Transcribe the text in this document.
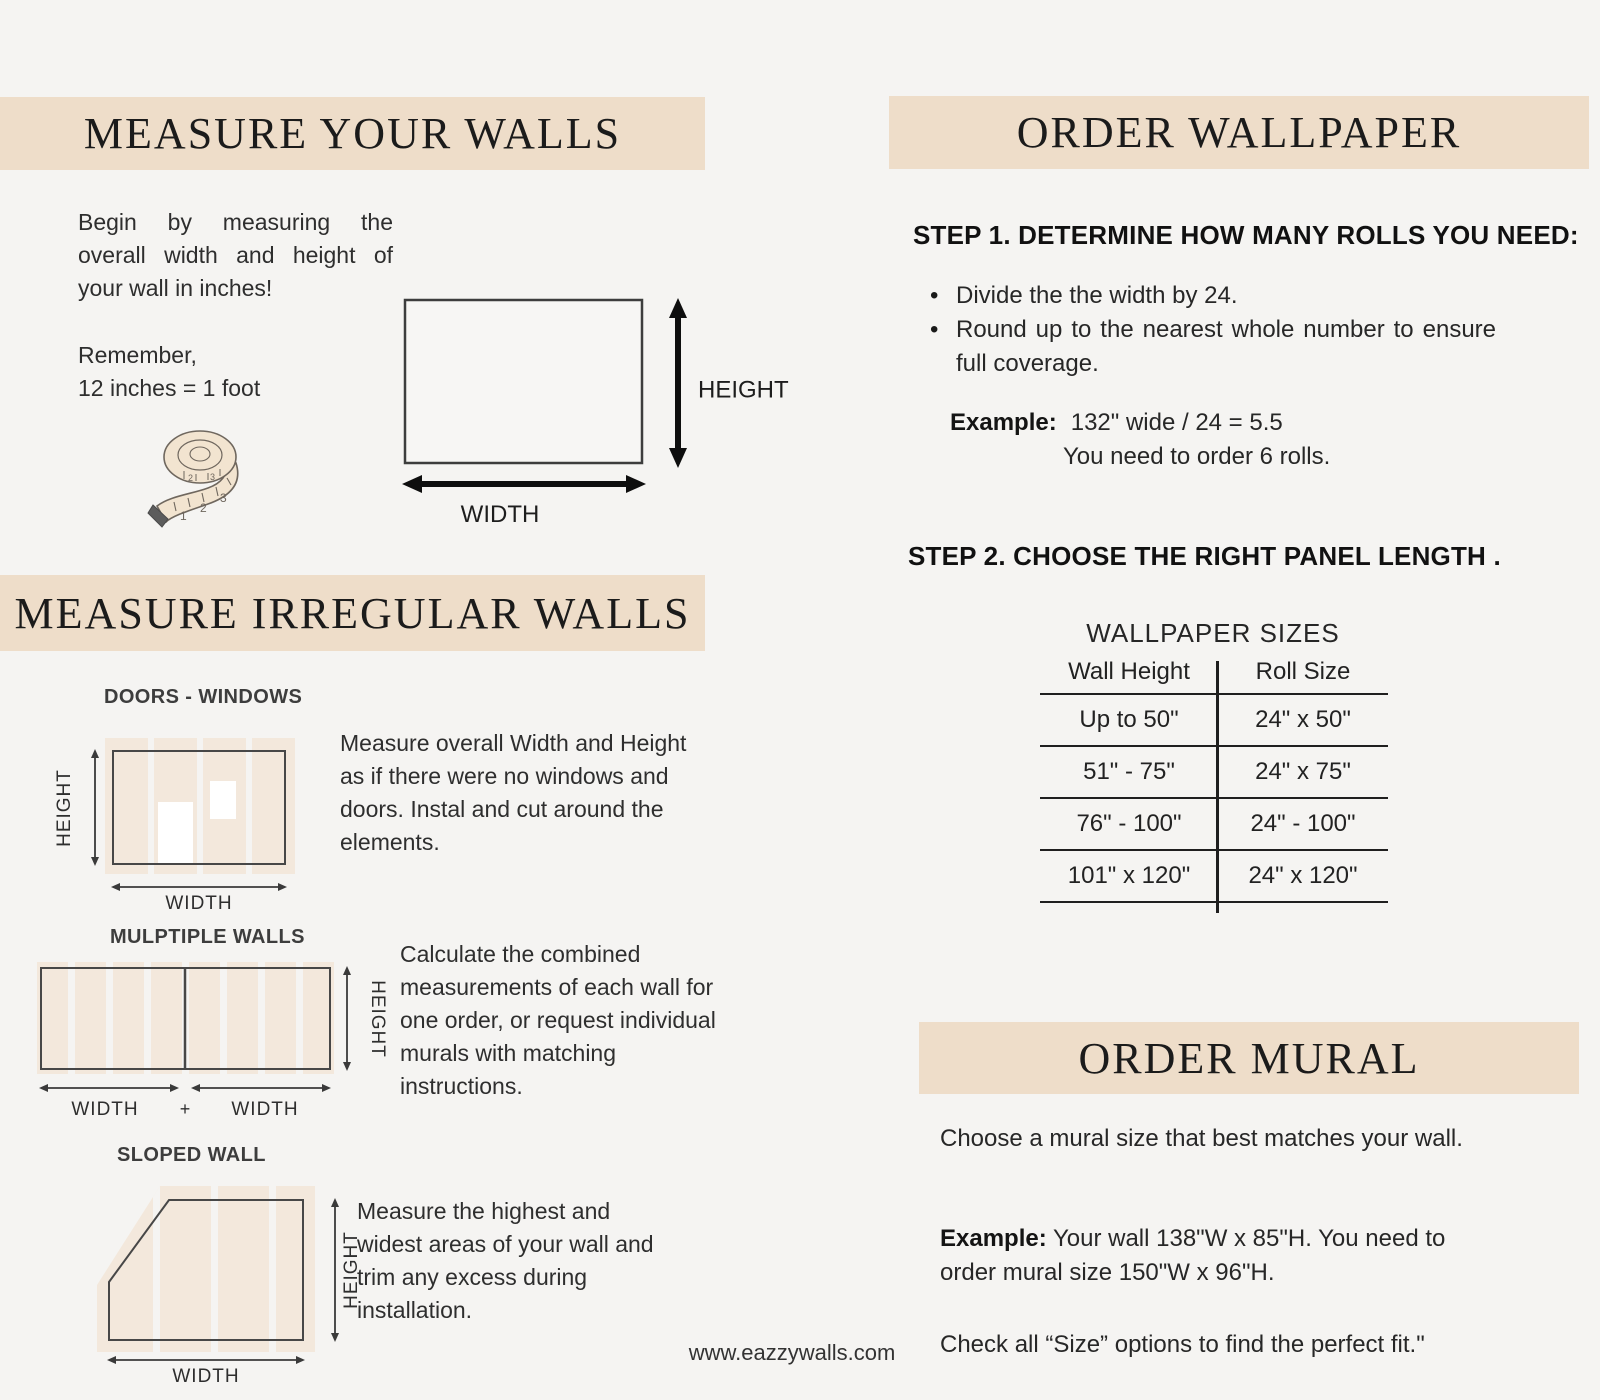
MEASURE YOUR WALLS
Begin by measuring the overall width and height of your wall in inches!
Remember,
12 inches = 1 foot
1
2
3
2 3
HEIGHT
WIDTH
MEASURE IRREGULAR WALLS
DOORS - WINDOWS
HEIGHT
WIDTH
Measure overall Width and Height as if there were no windows and doors. Instal and cut around the elements.
MULPTIPLE WALLS
HEIGHT
WIDTH + WIDTH
Calculate the combined measurements of each wall for one order, or request individual murals with matching instructions.
SLOPED WALL
HEIGHT
WIDTH
Measure the highest and widest areas of your wall and trim any excess during installation.
ORDER WALLPAPER
STEP 1. DETERMINE HOW MANY ROLLS YOU NEED:
• Divide the the width by 24.
• Round up to the nearest whole number to ensure full coverage.
Example: 132" wide / 24 = 5.5
You need to order 6 rolls.
STEP 2. CHOOSE THE RIGHT PANEL LENGTH .
WALLPAPER SIZES
Wall Height	Roll Size
Up to 50"	24" x 50"
51" - 75"	24" x 75"
76" - 100"	24" - 100"
101" x 120"	24" x 120"
ORDER MURAL
Choose a mural size that best matches your wall.
Example: Your wall 138"W x 85"H. You need to order mural size 150"W x 96"H.
Check all “Size” options to find the perfect fit."
www.eazzywalls.com
